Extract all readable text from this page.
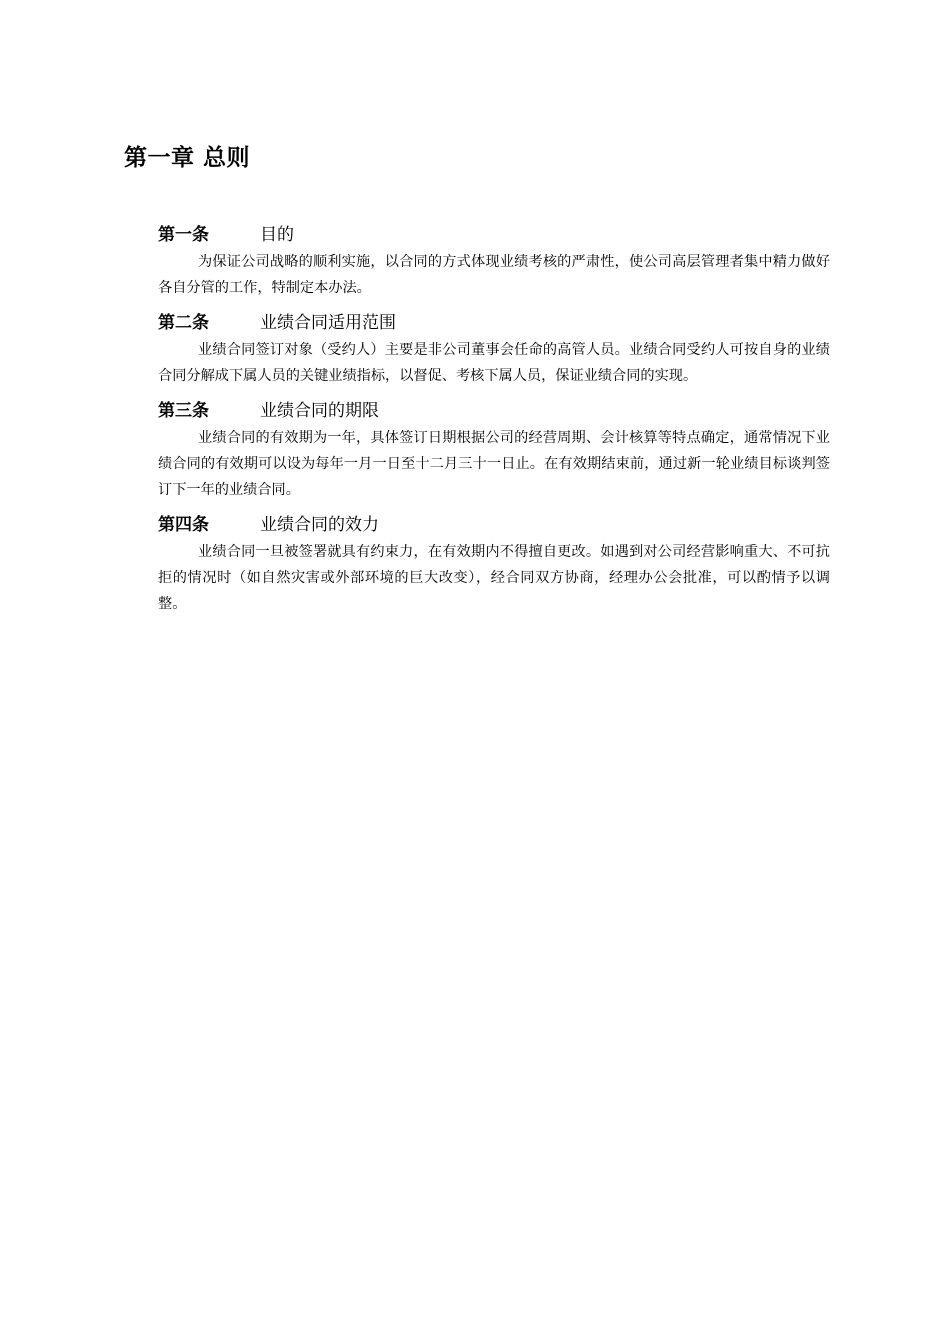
第一章 总则
第一条	目的

为保证公司战略的顺利实施，以合同的方式体现业绩考核的严肃性，使公司高层管理者集中精力做好各自分管的工作，特制定本办法。

第二条	业绩合同适用范围

业绩合同签订对象（受约人）主要是非公司董事会任命的高管人员。业绩合同受约人可按自身的业绩合同分解成下属人员的关键业绩指标，以督促、考核下属人员，保证业绩合同的实现。

第三条	业绩合同的期限

业绩合同的有效期为一年，具体签订日期根据公司的经营周期、会计核算等特点确定，通常情况下业绩合同的有效期可以设为每年一月一日至十二月三十一日止。在有效期结束前，通过新一轮业绩目标谈判签订下一年的业绩合同。

第四条	业绩合同的效力

业绩合同一旦被签署就具有约束力，在有效期内不得擅自更改。如遇到对公司经营影响重大、不可抗拒的情况时（如自然灾害或外部环境的巨大改变），经合同双方协商，经理办公会批准，可以酌情予以调整。
